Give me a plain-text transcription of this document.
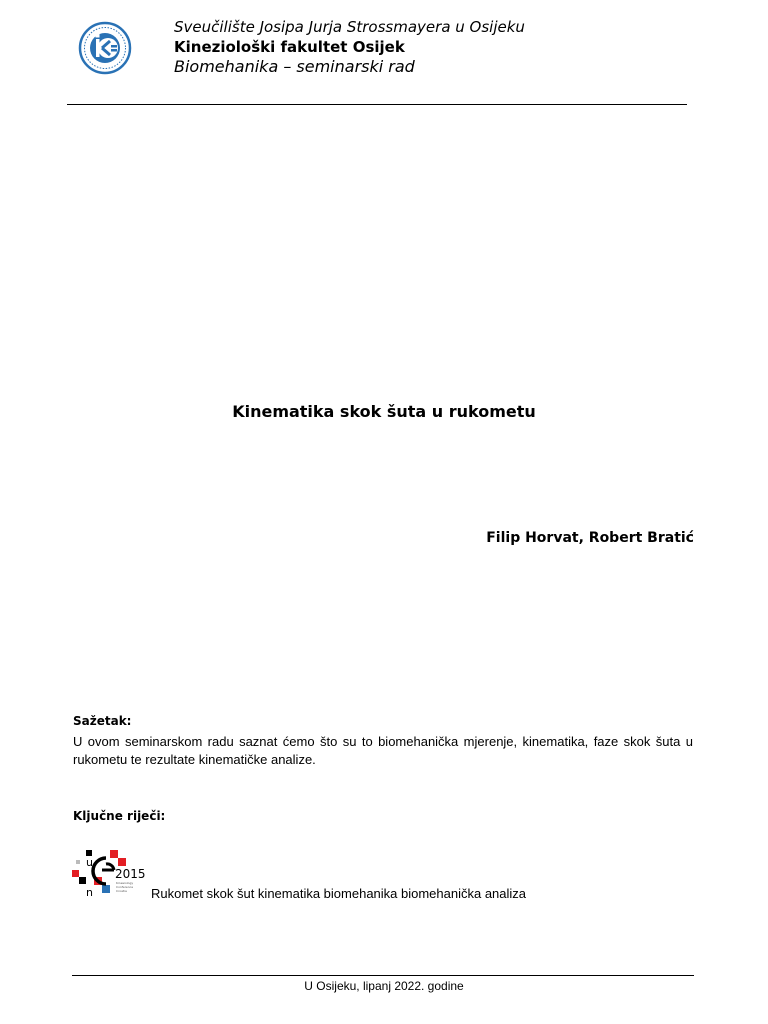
Sveučilište Josipa Jurja Strossmayera u Osijeku
Kineziološki fakultet Osijek
Biomehanika – seminarski rad
Kinematika skok šuta u rukometu
Filip Horvat, Robert Bratić
Sažetak:
U ovom seminarskom radu saznat ćemo što su to biomehanička mjerenje, kinematika, faze skok šuta u rukometu te rezultate kinematičke analize.
Ključne riječi:
u
n
2015
Kinesiology
Conference
Croatia Rukomet skok šut kinematika biomehanika biomehanička analiza
U Osijeku, lipanj 2022. godine
